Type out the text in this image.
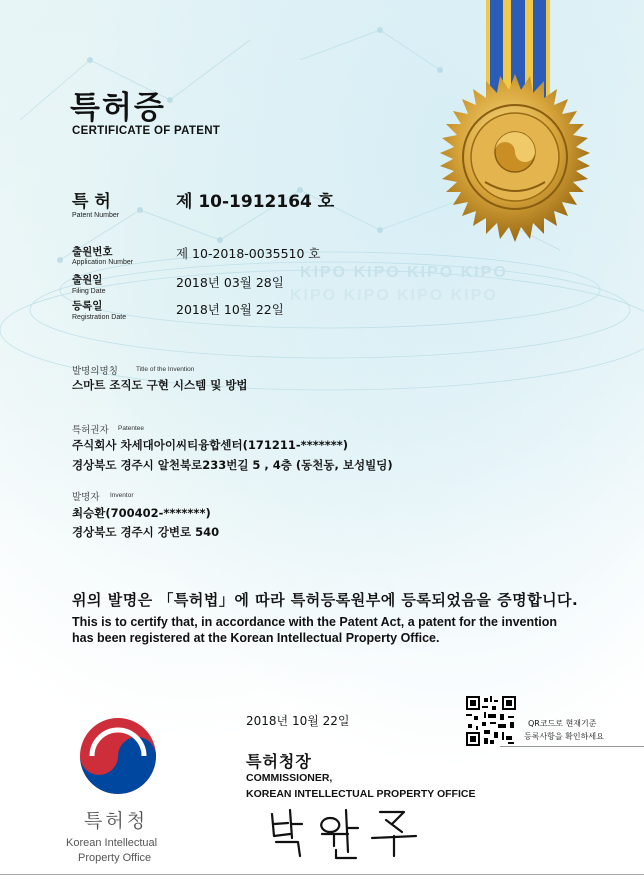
KIPO KIPO KIPO KIPO
KIPO KIPO KIPO KIPO
특허증
CERTIFICATE OF PATENT
특 허
Patent Number
제 10-1912164 호
출원번호
Application Number
제 10-2018-0035510 호
출원일
Filing Date
2018년 03월 28일
등록일
Registration Date
2018년 10월 22일
발명의명칭	Title of the Invention
스마트 조직도 구현 시스템 및 방법
특허권자 Patentee
주식회사 차세대아이씨티융합센터(171211-*******)
경상북도 경주시 알천북로233번길 5 , 4층 (동천동, 보성빌딩)
발명자 Inventor
최승환(700402-*******)
경상북도 경주시 강변로 540
위의 발명은 「특허법」에 따라 특허등록원부에 등록되었음을 증명합니다.
This is to certify that, in accordance with the Patent Act, a patent for the invention
has been registered at the Korean Intellectual Property Office.
QR코드로 현재기준
등록사항을 확인하세요
2018년 10월 22일
특허청장
COMMISSIONER,
KOREAN INTELLECTUAL PROPERTY OFFICE
특허청
Korean Intellectual
Property Office
